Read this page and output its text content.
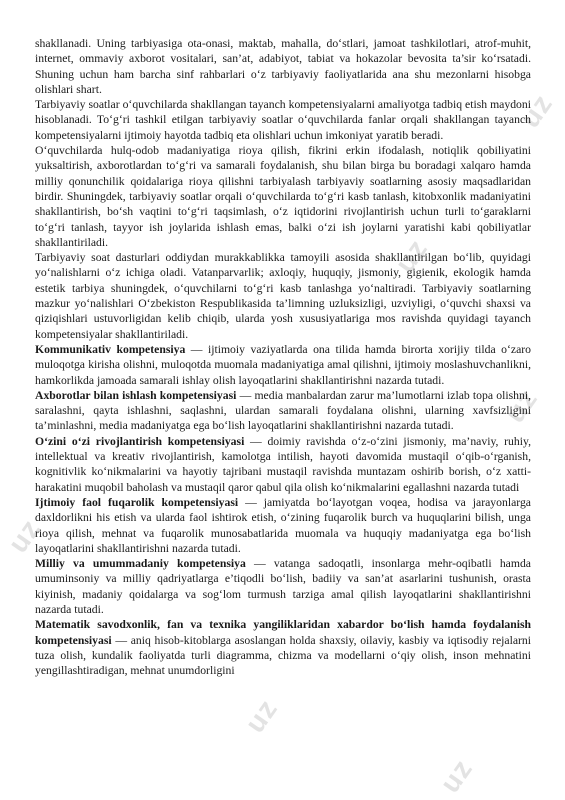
uz
uz
uz
uz
uz
uz

shakllanadi. Uning tarbiyasiga ota-onasi, maktab, mahalla, do‘stlari, jamoat tashkilotlari, atrof-muhit, internet, ommaviy axborot vositalari, san’at, adabiyot, tabiat va hokazolar bevosita ta’sir ko‘rsatadi. Shuning uchun ham barcha sinf rahbarlari o‘z tarbiyaviy faoliyatlarida ana shu mezonlarni hisobga olishlari shart.

Tarbiyaviy soatlar o‘quvchilarda shakllangan tayanch kompetensiyalarni amaliyotga tadbiq etish maydoni hisoblanadi. To‘g‘ri tashkil etilgan tarbiyaviy soatlar o‘quvchilarda fanlar orqali shakllangan tayanch kompetensiyalarni ijtimoiy hayotda tadbiq eta olishlari uchun imkoniyat yaratib beradi.

O‘quvchilarda hulq-odob madaniyatiga rioya qilish, fikrini erkin ifodalash, notiqlik qobiliyatini yuksaltirish, axborotlardan to‘g‘ri va samarali foydalanish, shu bilan birga bu boradagi xalqaro hamda milliy qonunchilik qoidalariga rioya qilishni tarbiyalash tarbiyaviy soatlarning asosiy maqsadlaridan birdir. Shuningdek, tarbiyaviy soatlar orqali o‘quvchilarda to‘g‘ri kasb tanlash, kitobxonlik madaniyatini shakllantirish, bo‘sh vaqtini to‘g‘ri taqsimlash, o‘z iqtidorini rivojlantirish uchun turli to‘garaklarni to‘g‘ri tanlash, tayyor ish joylarida ishlash emas, balki o‘zi ish joylarni yaratishi kabi qobiliyatlar shakllantiriladi.

Tarbiyaviy soat dasturlari oddiydan murakkablikka tamoyili asosida shakllantirilgan bo‘lib, quyidagi yo‘nalishlarni o‘z ichiga oladi. Vatanparvarlik; axloqiy, huquqiy, jismoniy, gigienik, ekologik hamda estetik tarbiya shuningdek, o‘quvchilarni to‘g‘ri kasb tanlashga yo‘naltiradi. Tarbiyaviy soatlarning mazkur yo‘nalishlari O‘zbekiston Respublikasida ta’limning uzluksizligi, uzviyligi, o‘quvchi shaxsi va qiziqishlari ustuvorligidan kelib chiqib, ularda yosh xususiyatlariga mos ravishda quyidagi tayanch kompetensiyalar shakllantiriladi.

Kommunikativ kompetensiya — ijtimoiy vaziyatlarda ona tilida hamda birorta xorijiy tilda o‘zaro muloqotga kirisha olishni, muloqotda muomala madaniyatiga amal qilishni, ijtimoiy moslashuvchanlikni, hamkorlikda jamoada samarali ishlay olish layoqatlarini shakllantirishni nazarda tutadi.

Axborotlar bilan ishlash kompetensiyasi — media manbalardan zarur ma’lumotlarni izlab topa olishni, saralashni, qayta ishlashni, saqlashni, ulardan samarali foydalana olishni, ularning xavfsizligini ta’minlashni, media madaniyatga ega bo‘lish layoqatlarini shakllantirishni nazarda tutadi.

O‘zini o‘zi rivojlantirish kompetensiyasi — doimiy ravishda o‘z-o‘zini jismoniy, ma’naviy, ruhiy, intellektual va kreativ rivojlantirish, kamolotga intilish, hayoti davomida mustaqil o‘qib-o‘rganish, kognitivlik ko‘nikmalarini va hayotiy tajribani mustaqil ravishda muntazam oshirib borish, o‘z xatti-harakatini muqobil baholash va mustaqil qaror qabul qila olish ko‘nikmalarini egallashni nazarda tutadi

Ijtimoiy faol fuqarolik kompetensiyasi — jamiyatda bo‘layotgan voqea, hodisa va jarayonlarga daxldorlikni his etish va ularda faol ishtirok etish, o‘zining fuqarolik burch va huquqlarini bilish, unga rioya qilish, mehnat va fuqarolik munosabatlarida muomala va huquqiy madaniyatga ega bo‘lish layoqatlarini shakllantirishni nazarda tutadi.

Milliy va umummadaniy kompetensiya — vatanga sadoqatli, insonlarga mehr-oqibatli hamda umuminsoniy va milliy qadriyatlarga e’tiqodli bo‘lish, badiiy va san’at asarlarini tushunish, orasta kiyinish, madaniy qoidalarga va sog‘lom turmush tarziga amal qilish layoqatlarini shakllantirishni nazarda tutadi.

Matematik savodxonlik, fan va texnika yangiliklaridan xabardor bo‘lish hamda foydalanish kompetensiyasi — aniq hisob-kitoblarga asoslangan holda shaxsiy, oilaviy, kasbiy va iqtisodiy rejalarni tuza olish, kundalik faoliyatda turli diagramma, chizma va modellarni o‘qiy olish, inson mehnatini yengillashtiradigan, mehnat unumdorligini
